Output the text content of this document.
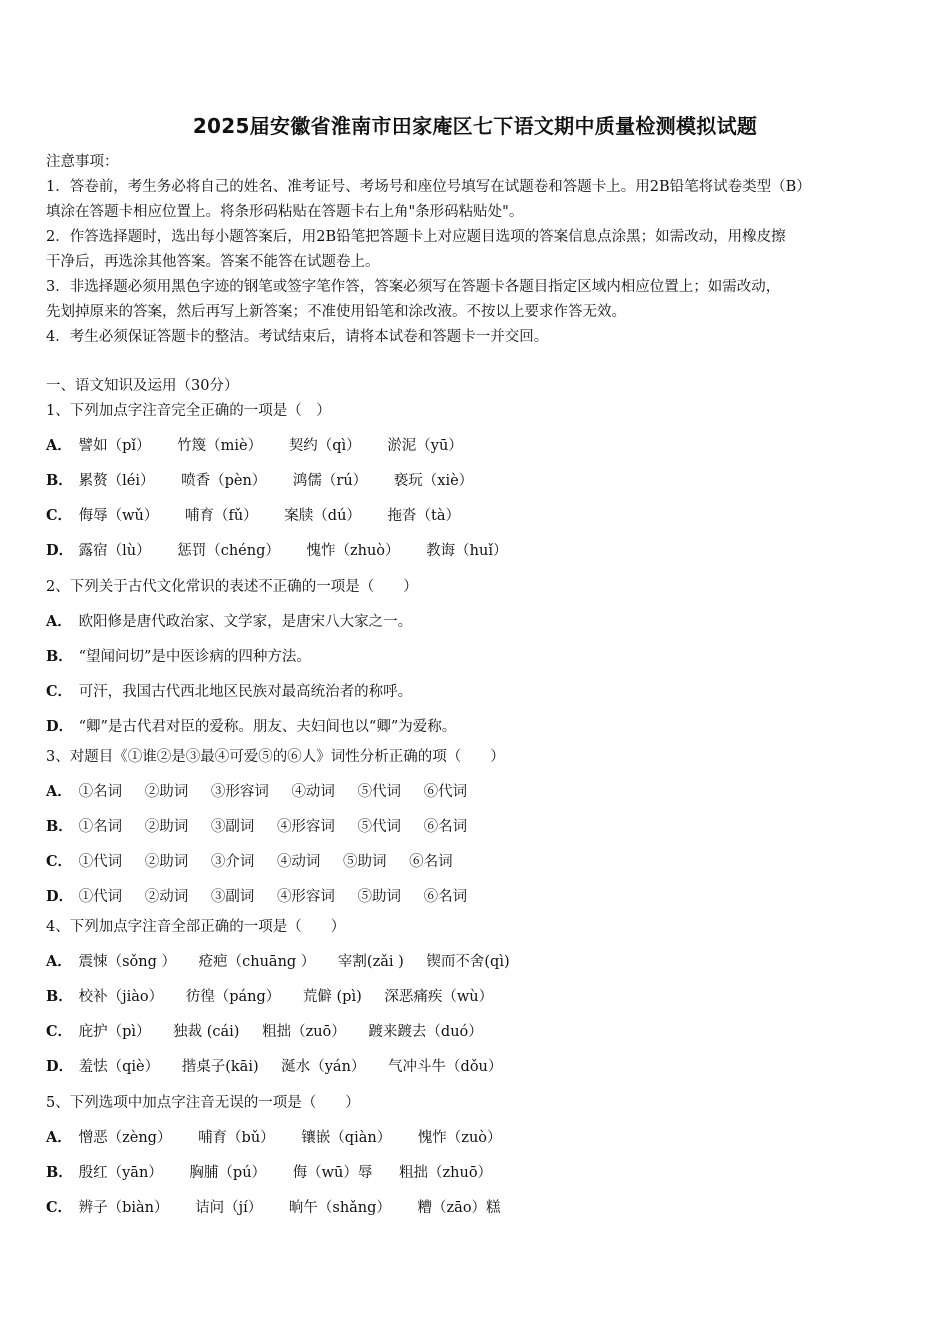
2025届安徽省淮南市田家庵区七下语文期中质量检测模拟试题

注意事项：

1．答卷前，考生务必将自己的姓名、准考证号、考场号和座位号填写在试题卷和答题卡上。用2B铅笔将试卷类型（B）

填涂在答题卡相应位置上。将条形码粘贴在答题卡右上角"条形码粘贴处"。

2．作答选择题时，选出每小题答案后，用2B铅笔把答题卡上对应题目选项的答案信息点涂黑；如需改动，用橡皮擦

干净后，再选涂其他答案。答案不能答在试题卷上。

3．非选择题必须用黑色字迹的钢笔或签字笔作答，答案必须写在答题卡各题目指定区域内相应位置上；如需改动，

先划掉原来的答案，然后再写上新答案；不准使用铅笔和涂改液。不按以上要求作答无效。

4．考生必须保证答题卡的整洁。考试结束后，请将本试卷和答题卡一并交回。

一、语文知识及运用（30分）
1、下列加点字注音完全正确的一项是（　）
A． 譬如（pǐ） 竹篾（miè） 契约（qì） 淤泥（yū）
B． 累赘（léi） 喷香（pèn） 鸿儒（rú） 亵玩（xiè）
C． 侮辱（wǔ） 哺育（fǔ） 案牍（dú） 拖沓（tà）
D． 露宿（lù） 惩罚（chéng） 愧怍（zhuò） 教诲（huǐ）
2、下列关于古代文化常识的表述不正确的一项是（　　）
A． 欧阳修是唐代政治家、文学家，是唐宋八大家之一。
B． “望闻问切”是中医诊病的四种方法。
C． 可汗，我国古代西北地区民族对最高统治者的称呼。
D． “卿”是古代君对臣的爱称。朋友、夫妇间也以“卿”为爱称。
3、对题目《①谁②是③最④可爱⑤的⑥人》词性分析正确的项（　　）
A． ①名词 ②助词 ③形容词 ④动词 ⑤代词 ⑥代词
B． ①名词 ②助词 ③副词 ④形容词 ⑤代词 ⑥名词
C． ①代词 ②助词 ③介词 ④动词 ⑤助词 ⑥名词
D． ①代词 ②动词 ③副词 ④形容词 ⑤助词 ⑥名词
4、下列加点字注音全部正确的一项是（　　）
A． 震悚（sǒng ） 疮疤（chuāng ） 宰割(zǎi ) 锲而不舍(qì)
B． 校补（jiào） 彷徨（páng） 荒僻 (pì) 深恶痛疾（wù）
C． 庇护（pì） 独裁 (cái) 粗拙（zuō） 踱来踱去（duó）
D． 羞怯（qiè） 揩桌子(kāi) 涎水（yán） 气冲斗牛（dǒu）
5、下列选项中加点字注音无误的一项是（　　）
A． 憎恶（zèng） 哺育（bǔ） 镶嵌（qiàn） 愧怍（zuò）
B． 殷红（yān） 胸脯（pú） 侮（wū）辱 粗拙（zhuō）
C． 辨子（biàn） 诘问（jí） 晌午（shǎng） 糟（zāo）糕
